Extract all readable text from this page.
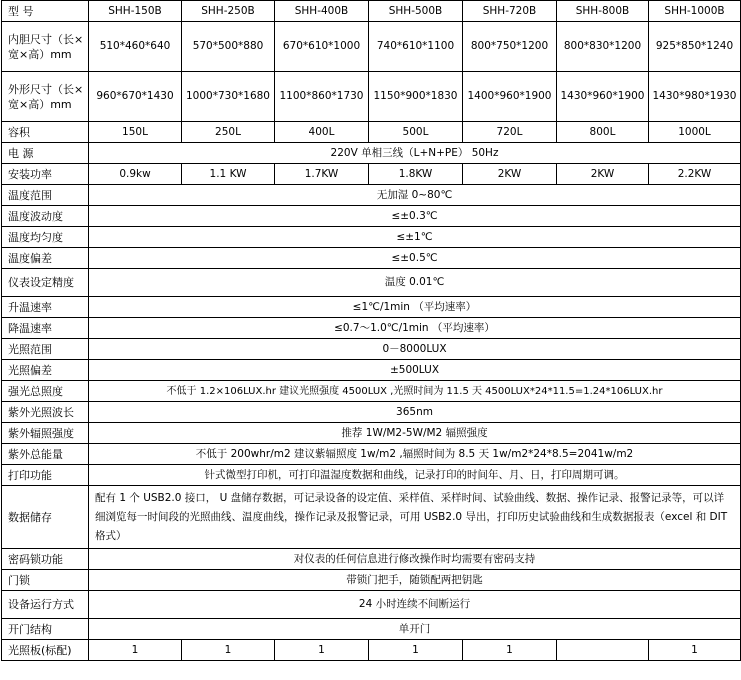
型 号	SHH-150B	SHH-250B	SHH-400B	SHH-500B	SHH-720B	SHH-800B	SHH-1000B
内胆尺寸（长×宽×高）mm	510*460*640	570*500*880	670*610*1000	740*610*1100	800*750*1200	800*830*1200	925*850*1240
外形尺寸（长×宽×高）mm	960*670*1430	1000*730*1680	1100*860*1730	1150*900*1830	1400*960*1900	1430*960*1900	1430*980*1930
容积	150L	250L	400L	500L	720L	800L	1000L
电 源	220V 单相三线（L+N+PE） 50Hz						
安装功率	0.9kw	1.1 KW	1.7KW	1.8KW	2KW	2KW	2.2KW
温度范围	无加湿 0~80℃						
温度波动度	≤±0.3℃						
温度均匀度	≤±1℃						
温度偏差	≤±0.5℃						
仪表设定精度	温度 0.01℃						
升温速率	≤1℃/1min （平均速率）						
降温速率	≤0.7～1.0℃/1min （平均速率）						
光照范围	0－8000LUX						
光照偏差	±500LUX						
强光总照度	不低于 1.2×106LUX.hr 建议光照强度 4500LUX ,光照时间为 11.5 天 4500LUX*24*11.5=1.24*106LUX.hr						
紫外光照波长	365nm						
紫外辐照强度	推荐 1W/M2-5W/M2 辐照强度						
紫外总能量	不低于 200whr/m2 建议紫辐照度 1w/m2 ,辐照时间为 8.5 天 1w/m2*24*8.5=2041w/m2						
打印功能	针式微型打印机，可打印温湿度数据和曲线，记录打印的时间年、月、日，打印周期可调。						
数据储存	配有 1 个 USB2.0 接口， U 盘储存数据，可记录设备的设定值、采样值、采样时间、试验曲线、数据、操作记录、报警记录等，可以详细浏览每一时间段的光照曲线、温度曲线，操作记录及报警记录，可用 USB2.0 导出，打印历史试验曲线和生成数据报表（excel 和 DIT 格式）						
密码锁功能	对仪表的任何信息进行修改操作时均需要有密码支持						
门锁	带锁门把手，随锁配两把钥匙						
设备运行方式	24 小时连续不间断运行						
开门结构	单开门						
光照板(标配)	1	1	1	1	1		1
